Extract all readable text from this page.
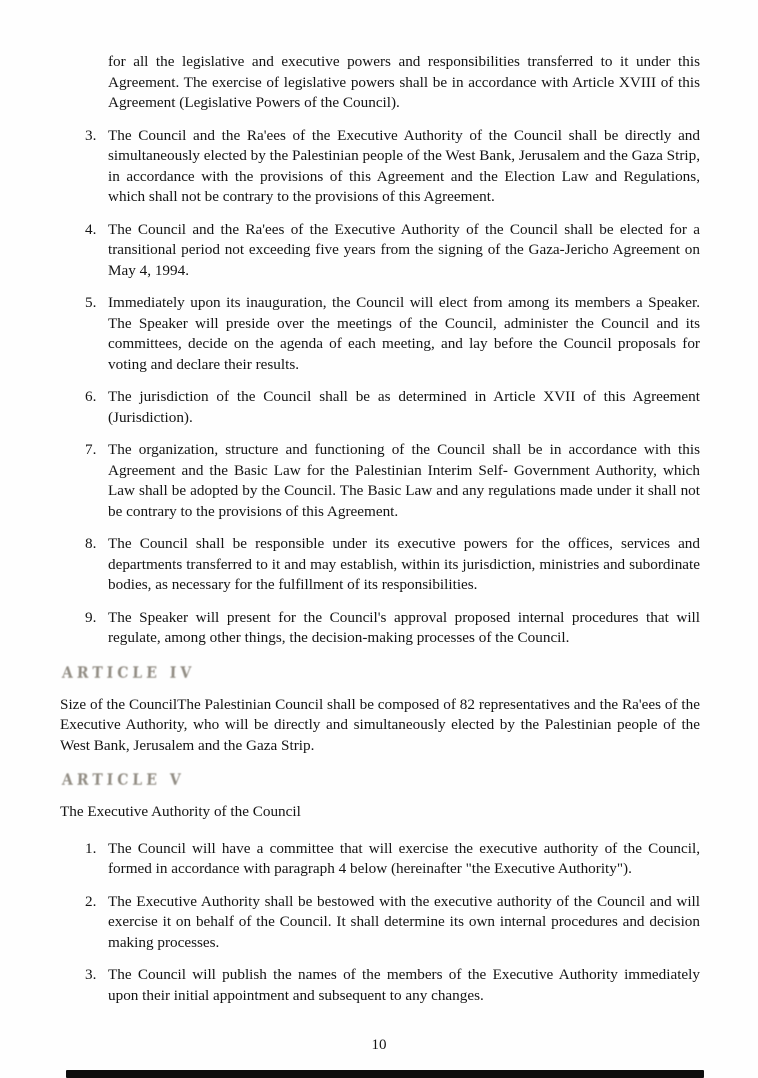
for all the legislative and executive powers and responsibilities transferred to it under this Agreement. The exercise of legislative powers shall be in accordance with Article XVIII of this Agreement (Legislative Powers of the Council).

3. The Council and the Ra'ees of the Executive Authority of the Council shall be directly and simultaneously elected by the Palestinian people of the West Bank, Jerusalem and the Gaza Strip, in accordance with the provisions of this Agreement and the Election Law and Regulations, which shall not be contrary to the provisions of this Agreement.
4. The Council and the Ra'ees of the Executive Authority of the Council shall be elected for a transitional period not exceeding five years from the signing of the Gaza-Jericho Agreement on May 4, 1994.
5. Immediately upon its inauguration, the Council will elect from among its members a Speaker. The Speaker will preside over the meetings of the Council, administer the Council and its committees, decide on the agenda of each meeting, and lay before the Council proposals for voting and declare their results.
6. The jurisdiction of the Council shall be as determined in Article XVII of this Agreement (Jurisdiction).
7. The organization, structure and functioning of the Council shall be in accordance with this Agreement and the Basic Law for the Palestinian Interim Self- Government Authority, which Law shall be adopted by the Council. The Basic Law and any regulations made under it shall not be contrary to the provisions of this Agreement.
8. The Council shall be responsible under its executive powers for the offices, services and departments transferred to it and may establish, within its jurisdiction, ministries and subordinate bodies, as necessary for the fulfillment of its responsibilities.
9. The Speaker will present for the Council's approval proposed internal procedures that will regulate, among other things, the decision-making processes of the Council.
ARTICLE IV

Size of the CouncilThe Palestinian Council shall be composed of 82 representatives and the Ra'ees of the Executive Authority, who will be directly and simultaneously elected by the Palestinian people of the West Bank, Jerusalem and the Gaza Strip.

ARTICLE V

The Executive Authority of the Council

1. The Council will have a committee that will exercise the executive authority of the Council, formed in accordance with paragraph 4 below (hereinafter "the Executive Authority").
2. The Executive Authority shall be bestowed with the executive authority of the Council and will exercise it on behalf of the Council. It shall determine its own internal procedures and decision making processes.
3. The Council will publish the names of the members of the Executive Authority immediately upon their initial appointment and subsequent to any changes.
10
